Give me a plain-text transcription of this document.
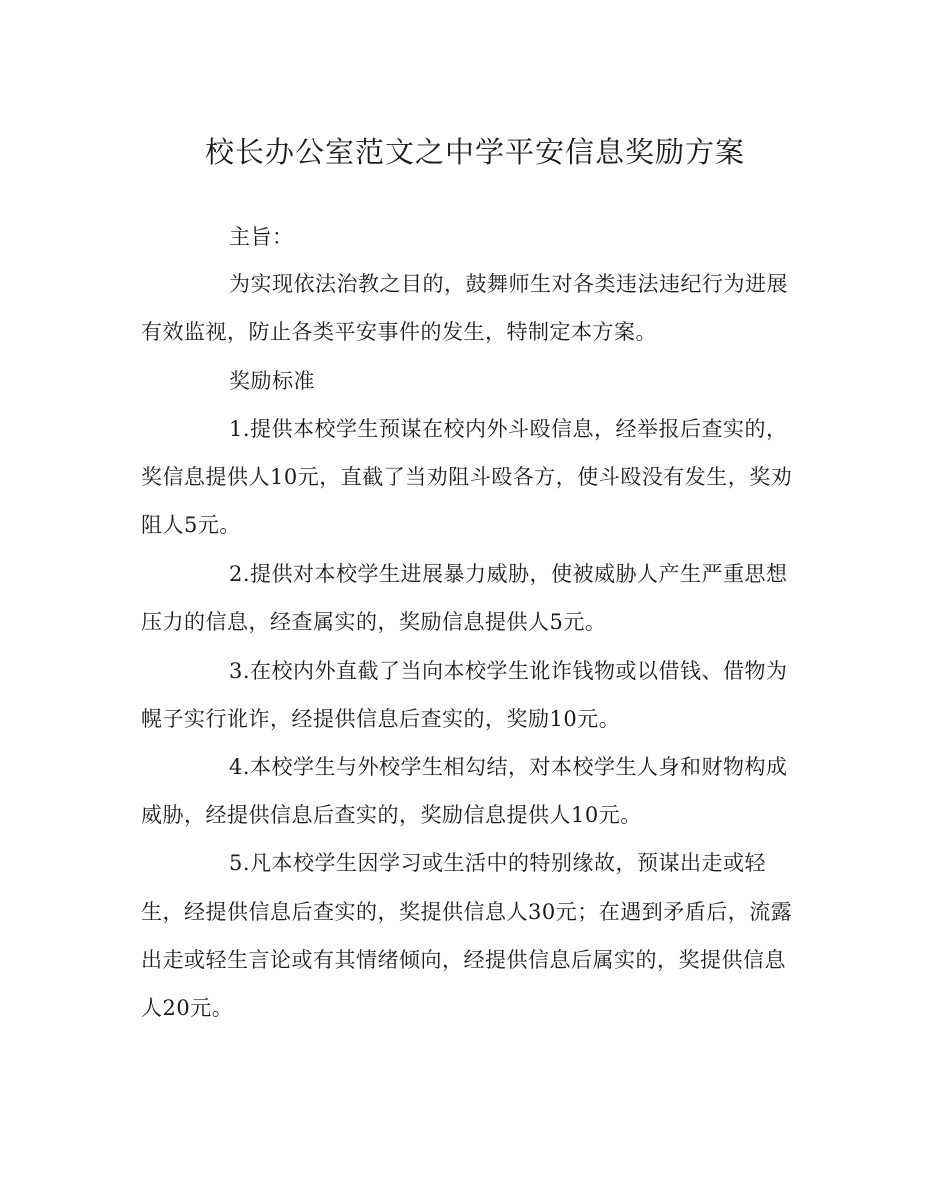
校长办公室范文之中学平安信息奖励方案
主旨：
为实现依法治教之目的，鼓舞师生对各类违法违纪行为进展
有效监视，防止各类平安事件的发生，特制定本方案。
奖励标准
1.提供本校学生预谋在校内外斗殴信息，经举报后查实的，
奖信息提供人10元，直截了当劝阻斗殴各方，使斗殴没有发生，奖劝
阻人5元。
2.提供对本校学生进展暴力威胁，使被威胁人产生严重思想
压力的信息，经查属实的，奖励信息提供人5元。
3.在校内外直截了当向本校学生讹诈钱物或以借钱、借物为
幌子实行讹诈，经提供信息后查实的，奖励10元。
4.本校学生与外校学生相勾结，对本校学生人身和财物构成
威胁，经提供信息后查实的，奖励信息提供人10元。
5.凡本校学生因学习或生活中的特别缘故，预谋出走或轻
生，经提供信息后查实的，奖提供信息人30元；在遇到矛盾后，流露
出走或轻生言论或有其情绪倾向，经提供信息后属实的，奖提供信息
人20元。
